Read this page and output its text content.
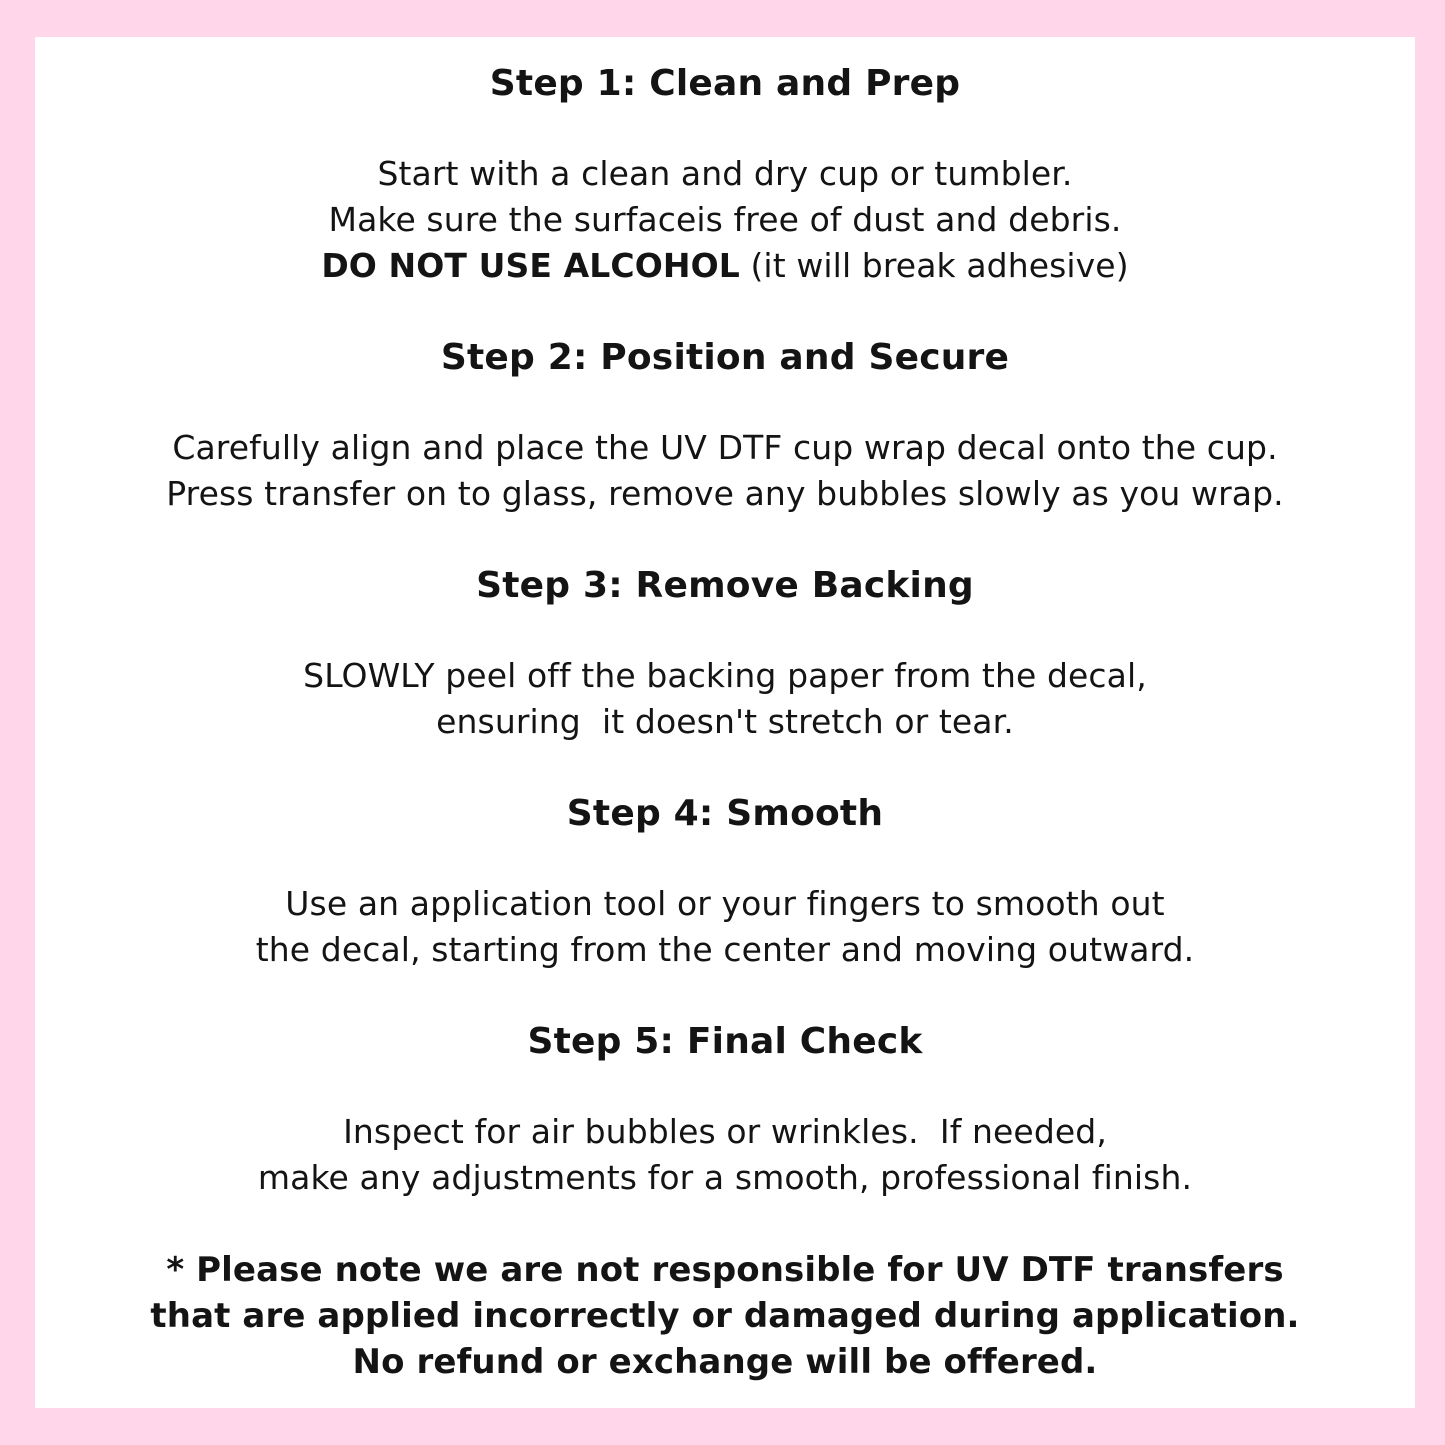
Step 1: Clean and Prep
Start with a clean and dry cup or tumbler.
Make sure the surfaceis free of dust and debris.
DO NOT USE ALCOHOL (it will break adhesive)
Step 2: Position and Secure
Carefully align and place the UV DTF cup wrap decal onto the cup.
Press transfer on to glass, remove any bubbles slowly as you wrap.
Step 3: Remove Backing
SLOWLY peel off the backing paper from the decal,
ensuring  it doesn't stretch or tear.
Step 4: Smooth
Use an application tool or your fingers to smooth out
the decal, starting from the center and moving outward.
Step 5: Final Check
Inspect for air bubbles or wrinkles.  If needed,
make any adjustments for a smooth, professional finish.
* Please note we are not responsible for UV DTF transfers
that are applied incorrectly or damaged during application.
No refund or exchange will be offered.
